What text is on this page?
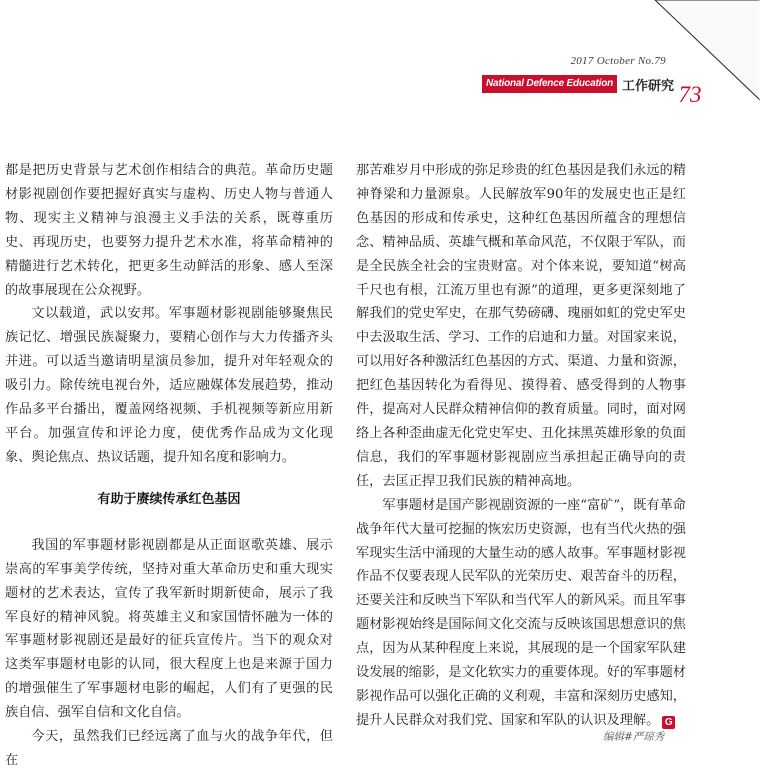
2017 October No.79
National Defence Education 工作研究 73

都是把历史背景与艺术创作相结合的典范。革命历史题材影视剧创作要把握好真实与虚构、历史人物与普通人物、现实主义精神与浪漫主义手法的关系，既尊重历史、再现历史，也要努力提升艺术水准，将革命精神的精髓进行艺术转化，把更多生动鲜活的形象、感人至深的故事展现在公众视野。

文以载道，武以安邦。军事题材影视剧能够聚焦民族记忆、增强民族凝聚力，要精心创作与大力传播齐头并进。可以适当邀请明星演员参加，提升对年轻观众的吸引力。除传统电视台外，适应融媒体发展趋势，推动作品多平台播出，覆盖网络视频、手机视频等新应用新平台。加强宣传和评论力度，使优秀作品成为文化现象、舆论焦点、热议话题，提升知名度和影响力。

有助于赓续传承红色基因

我国的军事题材影视剧都是从正面讴歌英雄、展示崇高的军事美学传统，坚持对重大革命历史和重大现实题材的艺术表达，宣传了我军新时期新使命，展示了我军良好的精神风貌。将英雄主义和家国情怀融为一体的军事题材影视剧还是最好的征兵宣传片。当下的观众对这类军事题材电影的认同，很大程度上也是来源于国力的增强催生了军事题材电影的崛起，人们有了更强的民族自信、强军自信和文化自信。

今天，虽然我们已经远离了血与火的战争年代，但在

那苦难岁月中形成的弥足珍贵的红色基因是我们永远的精神脊梁和力量源泉。人民解放军90年的发展史也正是红色基因的形成和传承史，这种红色基因所蕴含的理想信念、精神品质、英雄气概和革命风范，不仅限于军队，而是全民族全社会的宝贵财富。对个体来说，要知道“树高千尺也有根，江流万里也有源”的道理，更多更深刻地了解我们的党史军史，在那气势磅礴、瑰丽如虹的党史军史中去汲取生活、学习、工作的启迪和力量。对国家来说，可以用好各种激活红色基因的方式、渠道、力量和资源，把红色基因转化为看得见、摸得着、感受得到的人物事件，提高对人民群众精神信仰的教育质量。同时，面对网络上各种歪曲虚无化党史军史、丑化抹黑英雄形象的负面信息，我们的军事题材影视剧应当承担起正确导向的责任，去匡正捍卫我们民族的精神高地。

军事题材是国产影视剧资源的一座“富矿”，既有革命战争年代大量可挖掘的恢宏历史资源，也有当代火热的强军现实生活中涌现的大量生动的感人故事。军事题材影视作品不仅要表现人民军队的光荣历史、艰苦奋斗的历程，还要关注和反映当下军队和当代军人的新风采。而且军事题材影视始终是国际间文化交流与反映该国思想意识的焦点，因为从某种程度上来说，其展现的是一个国家军队建设发展的缩影，是文化软实力的重要体现。好的军事题材影视作品可以强化正确的义利观，丰富和深刻历史感知，提升人民群众对我们党、国家和军队的认识及理解。 G

编辑#严琼秀
